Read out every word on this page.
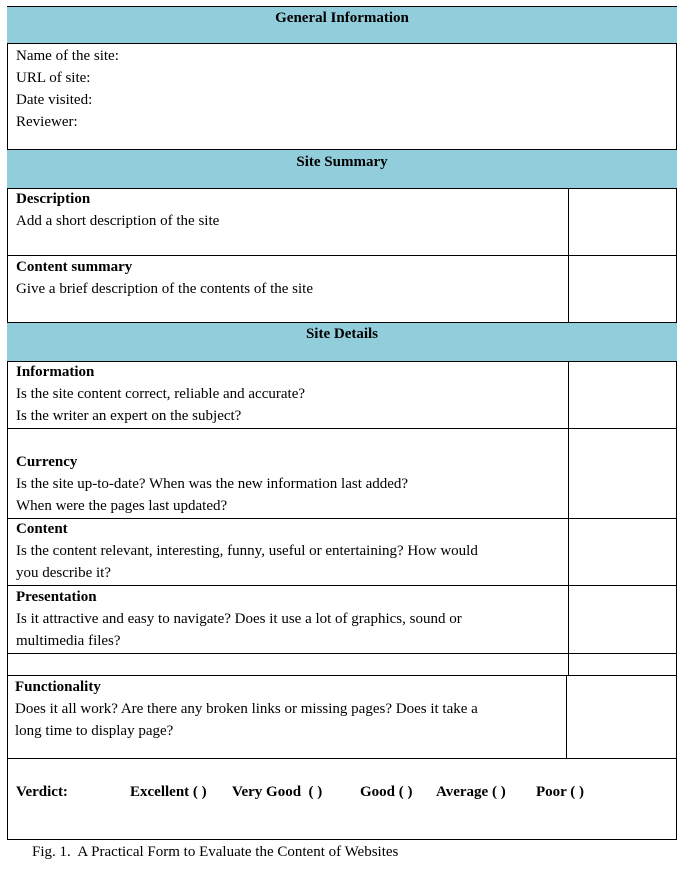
General Information
Name of the site:
URL of site:
Date visited:
Reviewer:
Site Summary
Description
Add a short description of the site
Content summary
Give a brief description of the contents of the site
Site Details
Information
Is the site content correct, reliable and accurate?
Is the writer an expert on the subject?
Currency
Is the site up-to-date? When was the new information last added?
When were the pages last updated?
Content
Is the content relevant, interesting, funny, useful or entertaining? How would
you describe it?
Presentation
Is it attractive and easy to navigate? Does it use a lot of graphics, sound or
multimedia files?
Functionality
Does it all work? Are there any broken links or missing pages? Does it take a
long time to display page?
Verdict:	Excellent ( ) Very Good  ( )	Good ( ) Average ( ) Poor ( )
Fig. 1.  A Practical Form to Evaluate the Content of Websites
